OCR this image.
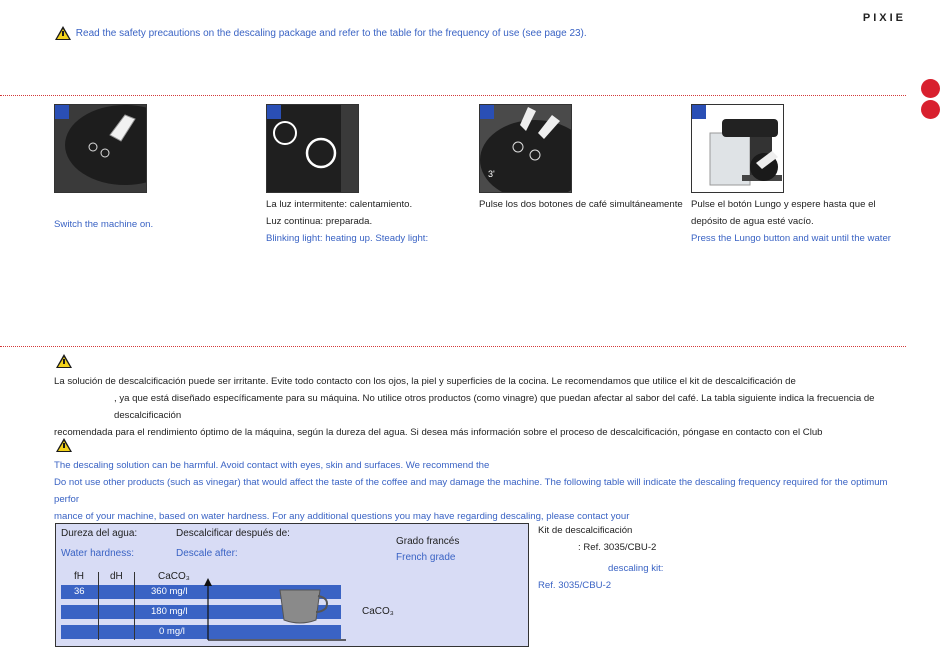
PIXIE
Read the safety precautions on the descaling package and refer to the table for the frequency of use (see page 23).
3'
Switch the machine on.
La luz intermitente: calentamiento.
Luz continua: preparada.
Blinking light: heating up. Steady light:
Pulse los dos botones de café simultáneamente Pulse el botón Lungo y espere hasta que el
depósito de agua esté vacío.
Press the Lungo button and wait until the water
La solución de descalcificación puede ser irritante. Evite todo contacto con los ojos, la piel y superficies de la cocina. Le recomendamos que utilice el kit de descalcificación de
, ya que está diseñado específicamente para su máquina. No utilice otros productos (como vinagre) que puedan afectar al sabor del café. La tabla siguiente indica la frecuencia de descalcificación
recomendada para el rendimiento óptimo de la máquina, según la dureza del agua. Si desea más información sobre el proceso de descalcificación, póngase en contacto con el Club
The descaling solution can be harmful. Avoid contact with eyes, skin and surfaces. We recommend the
Do not use other products (such as vinegar) that would affect the taste of the coffee and may damage the machine. The following table will indicate the descaling frequency required for the optimum perfor
mance of your machine, based on water hardness. For any additional questions you may have regarding descaling, please contact your
Dureza del agua:
Water hardness:
Descalcificar después de:
Descale after:
Grado francés
French grade
fH	dH	CaCO₃
36	360 mg/l
180 mg/l
0 mg/l
CaCO₃
Kit de descalcificación
: Ref. 3035/CBU-2
descaling kit:
Ref. 3035/CBU-2
